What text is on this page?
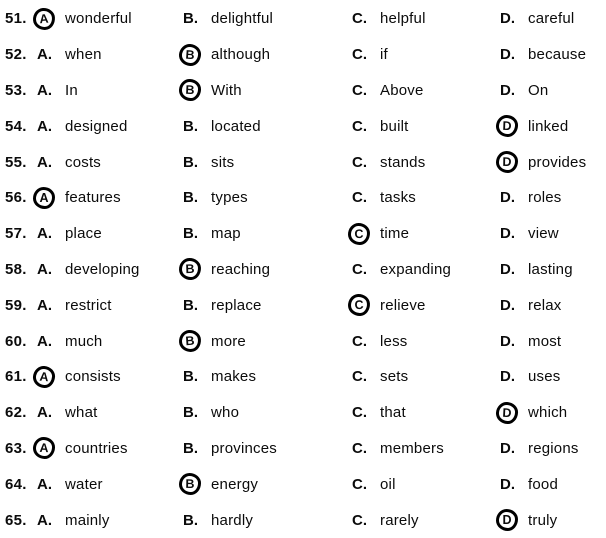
51. A	wonderful	B. delightful	C. helpful	D. careful
52. A. when	B	although	C. if	D. because
53. A. In	B	With	C. Above	D. On
54. A. designed	B. located	C. built	D	linked
55. A. costs	B. sits	C. stands	D	provides
56.	A	features	B. types	C. tasks	D. roles
57. A. place	B. map	C	time	D. view
58. A. developing	B	reaching	C. expanding	D. lasting
59. A. restrict	B. replace	C	relieve	D. relax
60. A. much	B	more	C. less	D. most
61. A	consists	B. makes	C. sets	D. uses
62. A. what	B. who	C. that	D	which
63. A	countries	B. provinces	C. members	D. regions
64. A. water	B	energy	C. oil	D. food
65. A. mainly	B. hardly	C. rarely	D	truly
